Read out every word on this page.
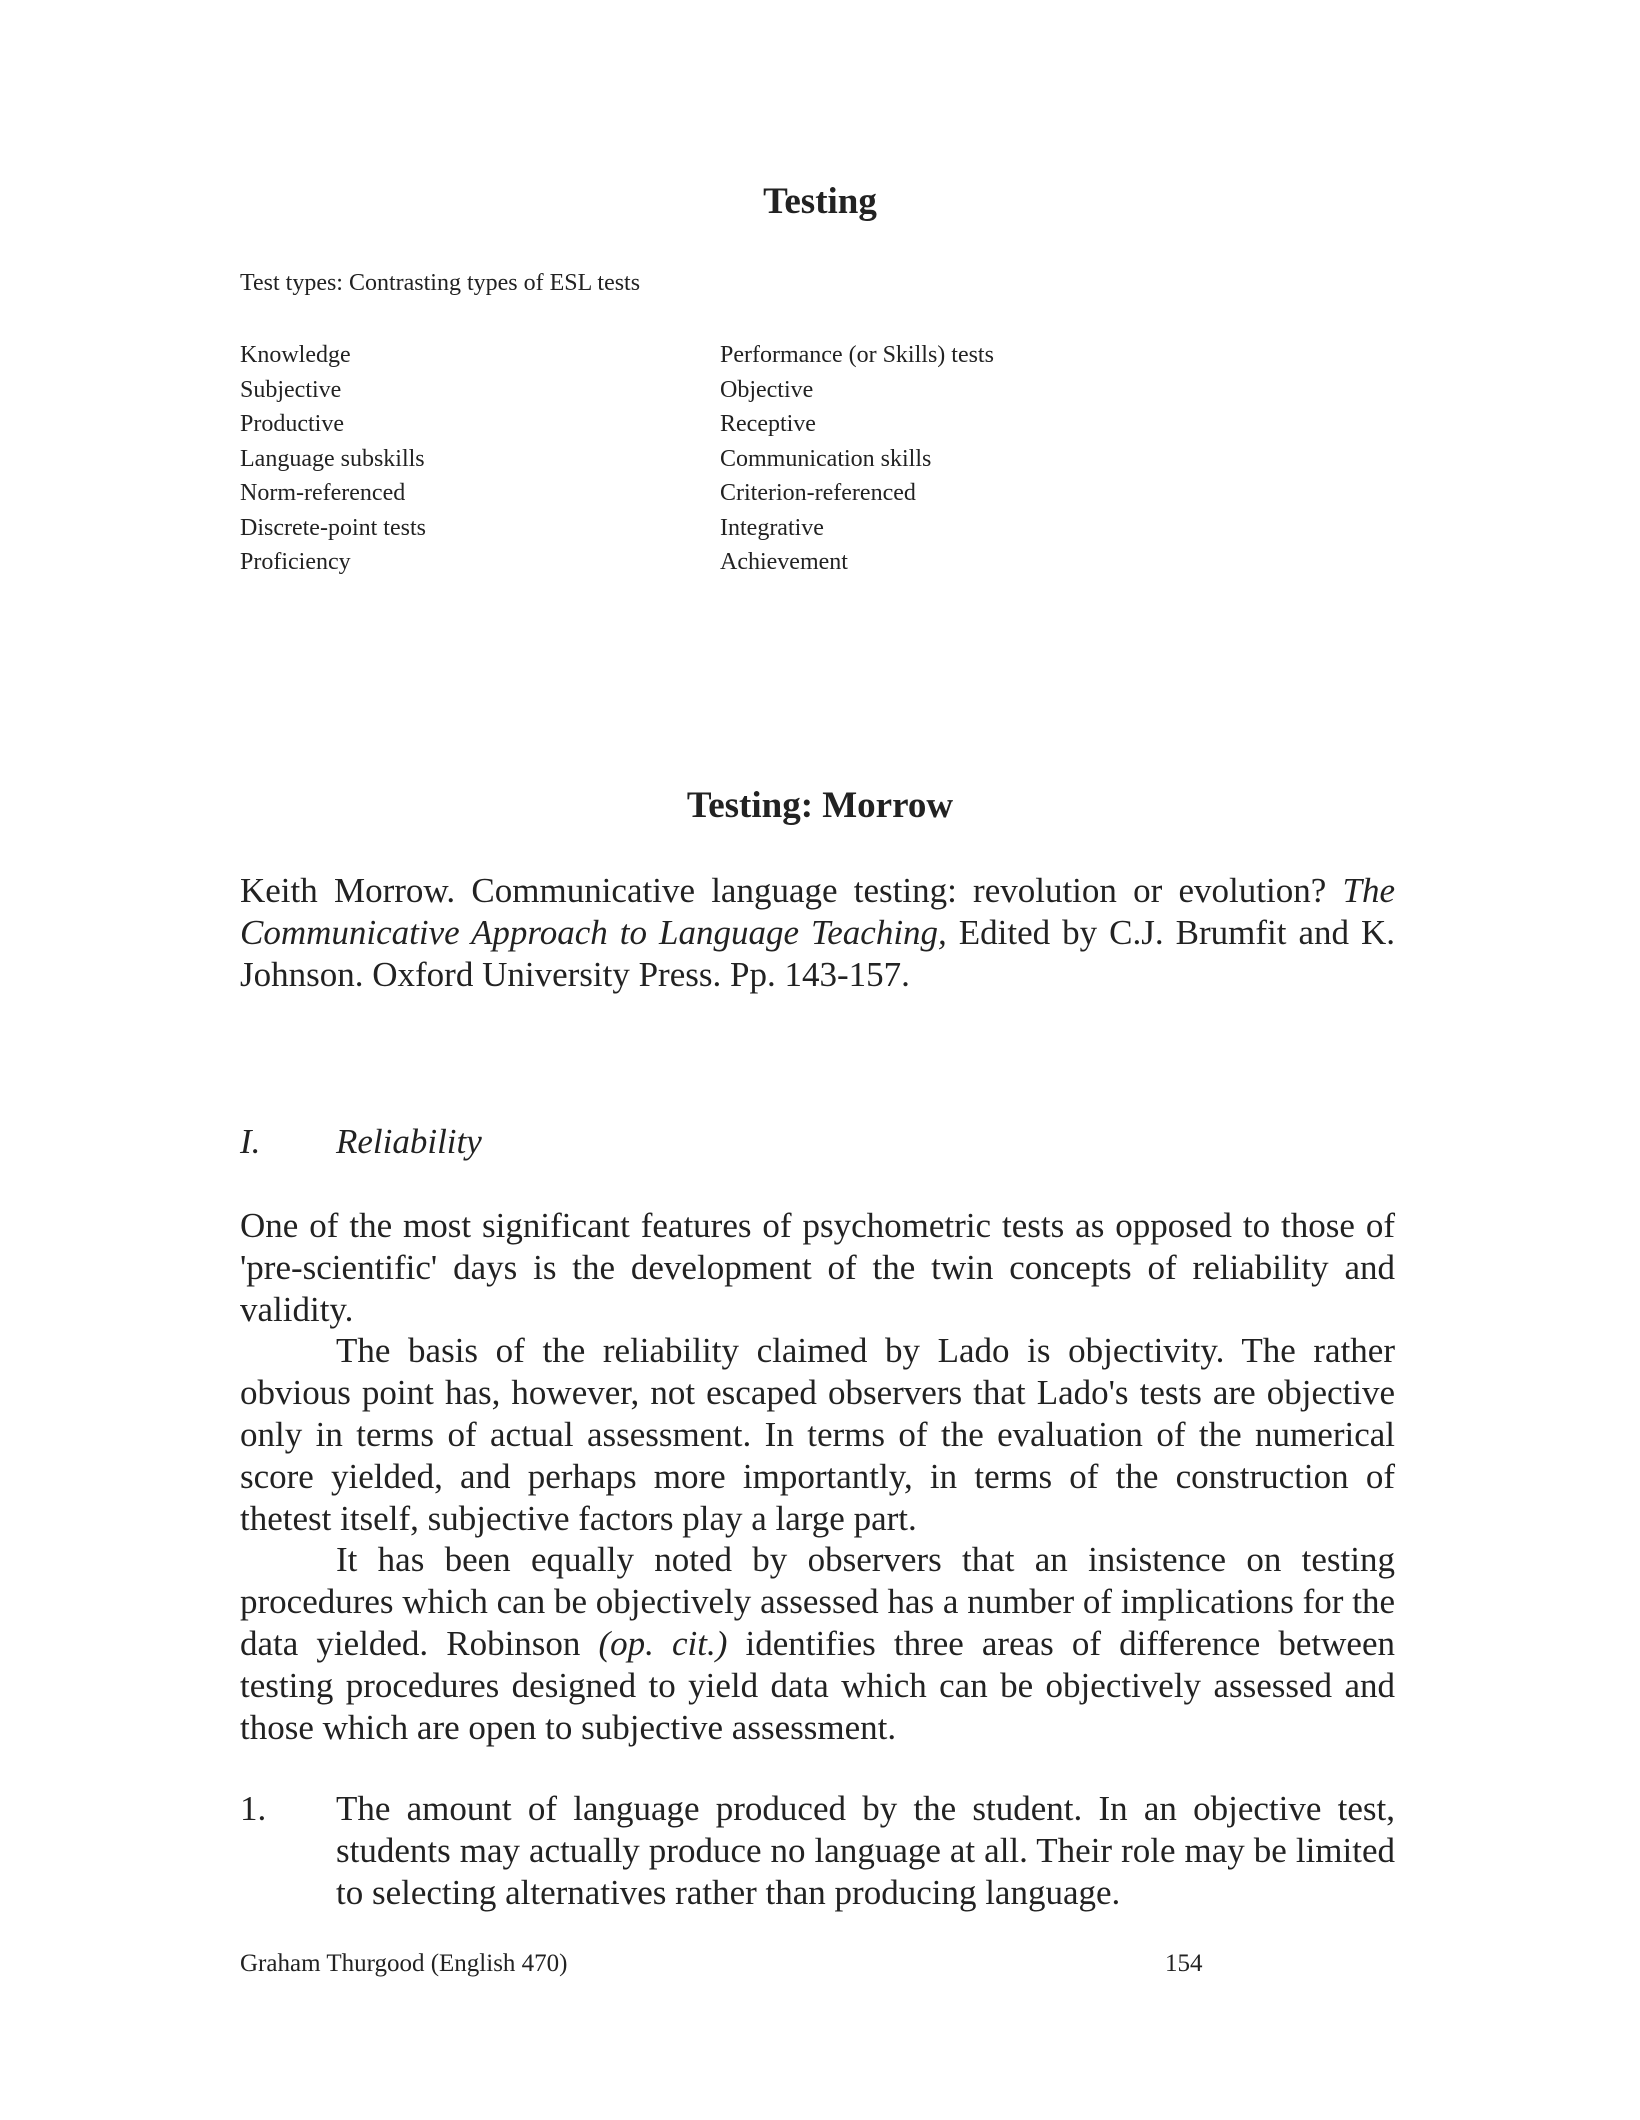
Testing
Test types: Contrasting types of ESL tests
Knowledge	Performance (or Skills) tests
Subjective	Objective
Productive	Receptive
Language subskills	Communication skills
Norm-referenced	Criterion-referenced
Discrete-point tests	Integrative
Proficiency	Achievement
Testing: Morrow
Keith Morrow. Communicative language testing: revolution or evolution? The Communicative Approach to Language Teaching, Edited by C.J. Brumfit and K. Johnson. Oxford University Press. Pp. 143-157.
I.	Reliability

One of the most significant features of psychometric tests as opposed to those of 'pre-scientific' days is the development of the twin concepts of reliability and validity.

The basis of the reliability claimed by Lado is objectivity. The rather obvious point has, however, not escaped observers that Lado's tests are objective only in terms of actual assessment. In terms of the evaluation of the numerical score yielded, and perhaps more importantly, in terms of the construction of thetest itself, subjective factors play a large part.

It has been equally noted by observers that an insistence on testing procedures which can be objectively assessed has a number of implications for the data yielded. Robinson (op. cit.) identifies three areas of difference between testing procedures designed to yield data which can be objectively assessed and those which are open to subjective assessment.

1.	The amount of language produced by the student. In an objective test, students may actually produce no language at all. Their role may be limited to selecting alternatives rather than producing language.
Graham Thurgood (English 470)	154
